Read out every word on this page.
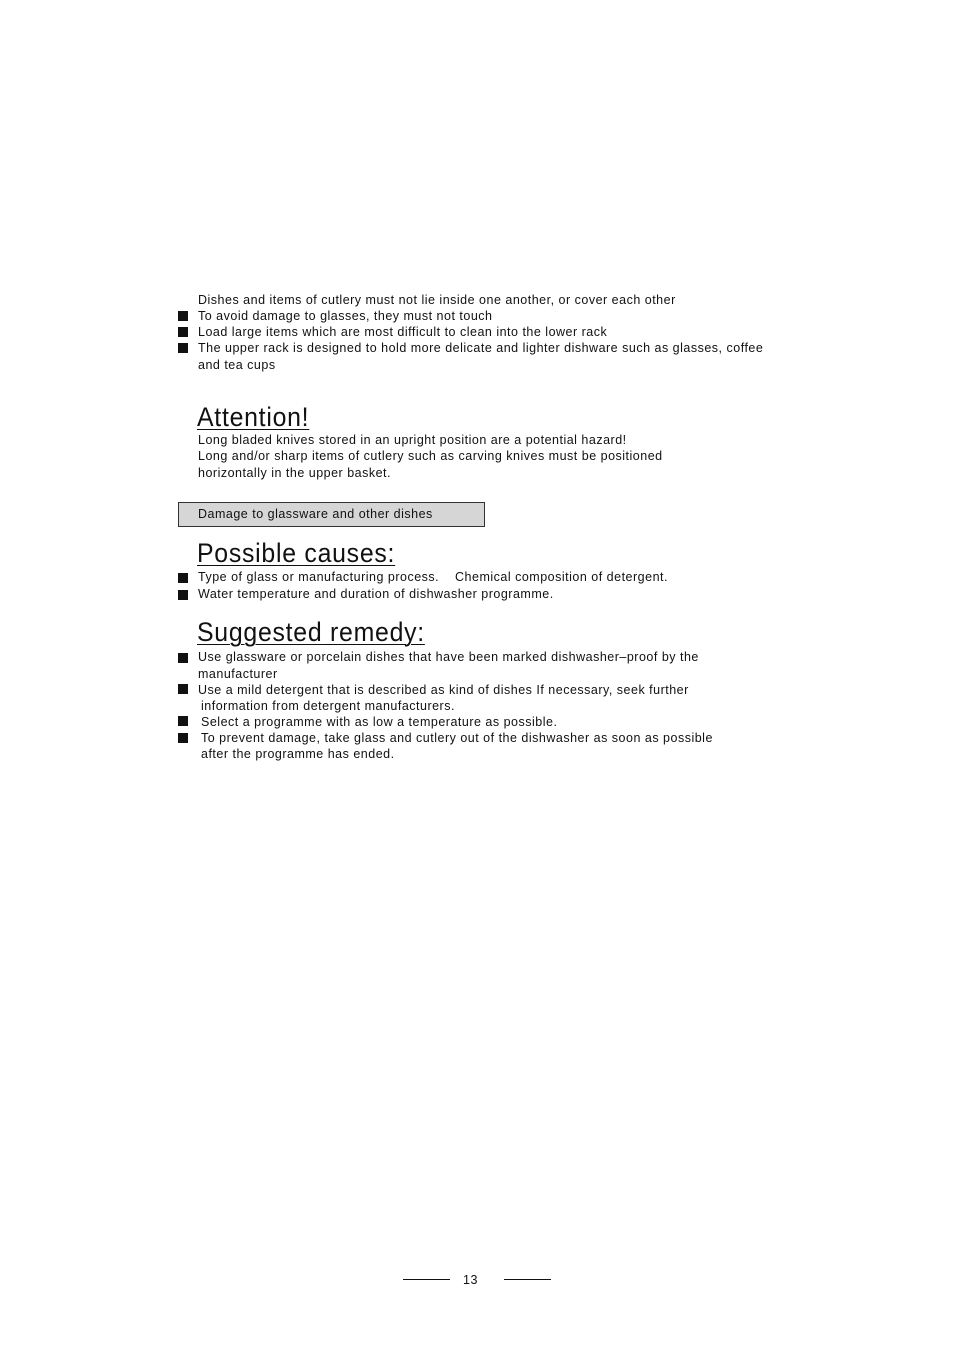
Dishes and items of cutlery must not lie inside one another, or cover each other
To avoid damage to glasses, they must not touch
Load large items which are most difficult to clean into the lower rack
The upper rack is designed to hold more delicate and lighter dishware such as glasses, coffee
and tea cups
Attention!
Long bladed knives stored in an upright position are a potential hazard!
Long and/or sharp items of cutlery such as carving knives must be positioned
horizontally in the upper basket.
Damage to glassware and other dishes
Possible causes:
Type of glass or manufacturing process.    Chemical composition of detergent.
Water temperature and duration of dishwasher programme.
Suggested remedy:
Use glassware or porcelain dishes that have been marked dishwasher–proof by the
manufacturer
Use a mild detergent that is described as kind of dishes If necessary, seek further
information from detergent manufacturers.
Select a programme with as low a temperature as possible.
To prevent damage, take glass and cutlery out of the dishwasher as soon as possible
after the programme has ended.
13
